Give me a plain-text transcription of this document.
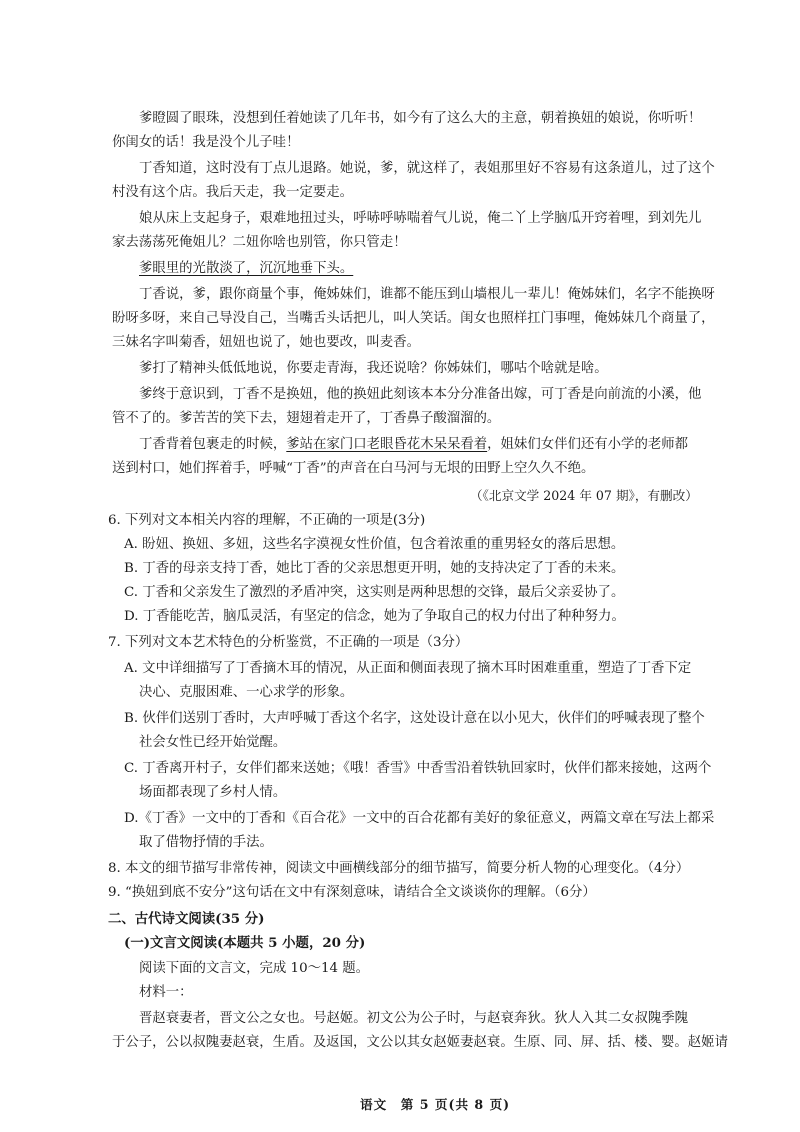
爹瞪圆了眼珠，没想到任着她读了几年书，如今有了这么大的主意，朝着换妞的娘说，你听听！
你闺女的话！我是没个儿子哇！
丁香知道，这时没有丁点儿退路。她说，爹，就这样了，表姐那里好不容易有这条道儿，过了这个
村没有这个店。我后天走，我一定要走。
娘从床上支起身子，艰难地扭过头，呼哧呼哧喘着气儿说，俺二丫上学脑瓜开窍着哩，到刘先儿
家去荡荡死俺姐儿？二妞你啥也别管，你只管走！
爹眼里的光散淡了，沉沉地垂下头。
丁香说，爹，跟你商量个事，俺姊妹们，谁都不能压到山墙根儿一辈儿！俺姊妹们，名字不能换呀
盼呀多呀，来自己导没自己，当嘴舌头话把儿，叫人笑话。闺女也照样扛门事哩，俺姊妹几个商量了，
三妹名字叫菊香，妞妞也说了，她也要改，叫麦香。
爹打了精神头低低地说，你要走青海，我还说啥？你姊妹们，哪咕个啥就是啥。
爹终于意识到，丁香不是换妞，他的换妞此刻该本本分分准备出嫁，可丁香是向前流的小溪，他
管不了的。爹苦苦的笑下去，翅翅着走开了，丁香鼻子酸溜溜的。
丁香背着包裹走的时候，爹站在家门口老眼昏花木呆呆看着，姐妹们女伴们还有小学的老师都
送到村口，她们挥着手，呼喊“丁香”的声音在白马河与无垠的田野上空久久不绝。
（《北京文学 2024 年 07 期》，有删改）
6. 下列对文本相关内容的理解，不正确的一项是(3分)
A. 盼妞、换妞、多妞，这些名字漠视女性价值，包含着浓重的重男轻女的落后思想。
B. 丁香的母亲支持丁香，她比丁香的父亲思想更开明，她的支持决定了丁香的未来。
C. 丁香和父亲发生了激烈的矛盾冲突，这实则是两种思想的交锋，最后父亲妥协了。
D. 丁香能吃苦，脑瓜灵活，有坚定的信念，她为了争取自己的权力付出了种种努力。
7. 下列对文本艺术特色的分析鉴赏，不正确的一项是（3分）
A. 文中详细描写了丁香摘木耳的情况，从正面和侧面表现了摘木耳时困难重重，塑造了丁香下定
决心、克服困难、一心求学的形象。
B. 伙伴们送别丁香时，大声呼喊丁香这个名字，这处设计意在以小见大，伙伴们的呼喊表现了整个
社会女性已经开始觉醒。
C. 丁香离开村子，女伴们都来送她；《哦！香雪》中香雪沿着铁轨回家时，伙伴们都来接她，这两个
场面都表现了乡村人情。
D.《丁香》一文中的丁香和《百合花》一文中的百合花都有美好的象征意义，两篇文章在写法上都采
取了借物抒情的手法。
8. 本文的细节描写非常传神，阅读文中画横线部分的细节描写，简要分析人物的心理变化。（4分）
9. “换妞到底不安分”这句话在文中有深刻意味，请结合全文谈谈你的理解。（6分）
二、古代诗文阅读(35 分)
(一)文言文阅读(本题共 5 小题，20 分)
阅读下面的文言文，完成 10～14 题。
材料一：
晋赵衰妻者，晋文公之女也。号赵姬。初文公为公子时，与赵衰奔狄。狄人入其二女叔隗季隗
于公子，公以叔隗妻赵衰，生盾。及返国，文公以其女赵姬妻赵衰。生原、同、屏、括、楼、婴。赵姬请
语文　第 5 页(共 8 页)
